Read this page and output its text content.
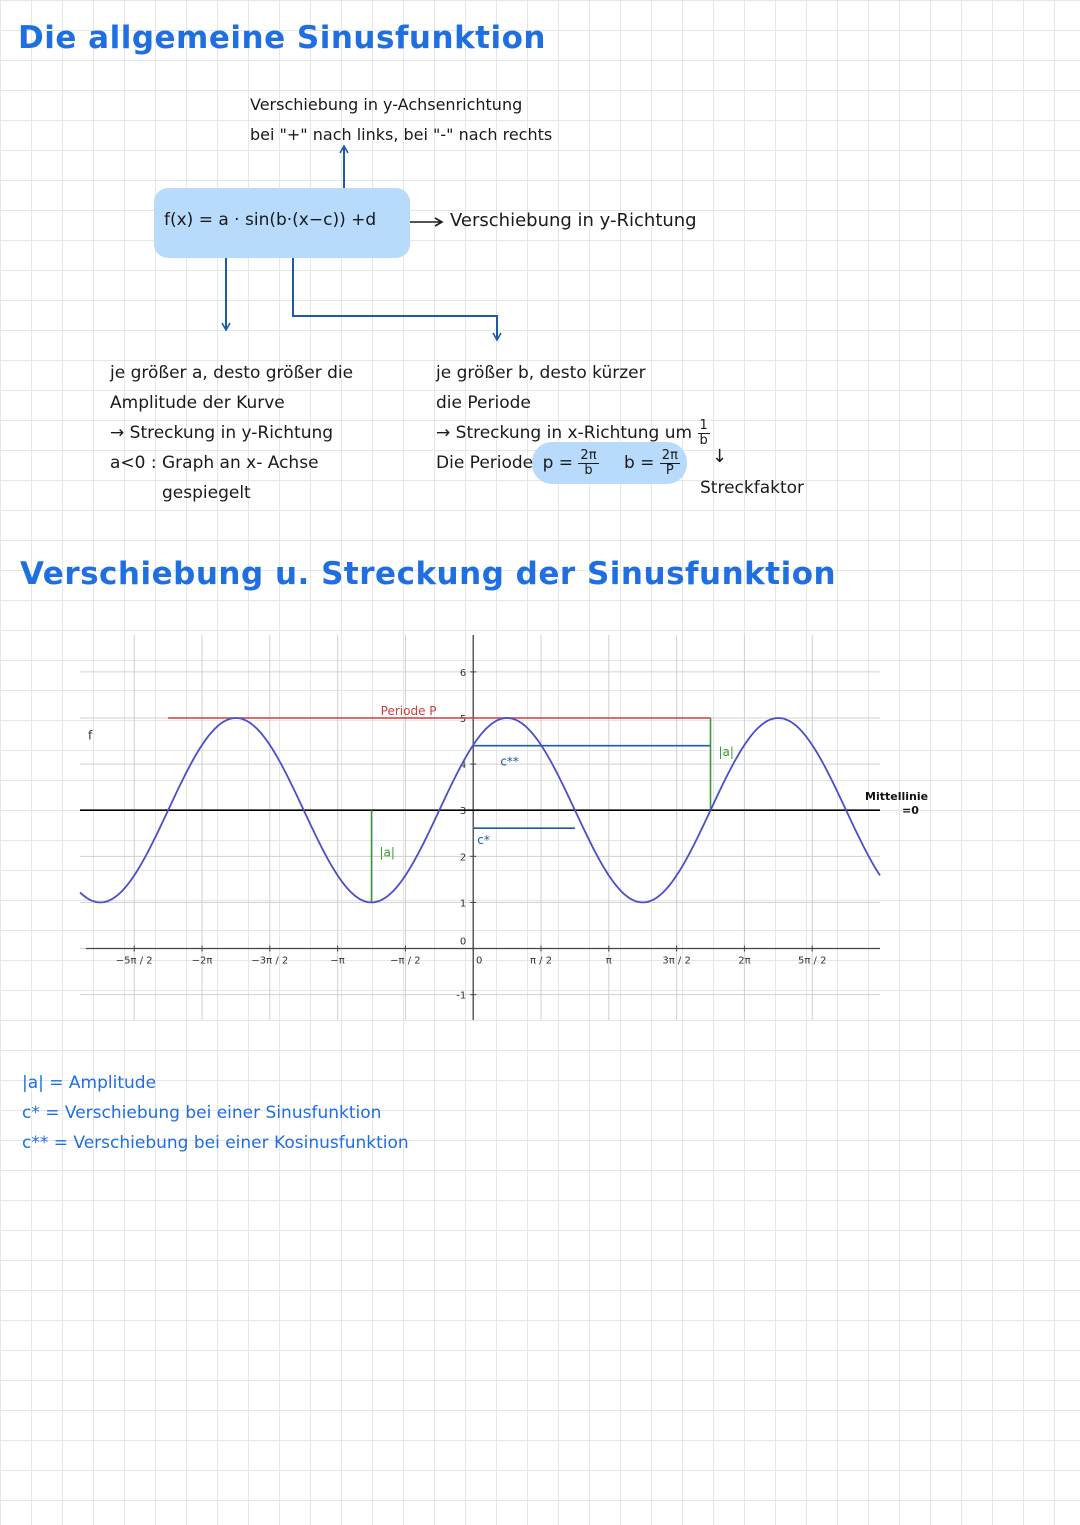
Die allgemeine Sinusfunktion
Verschiebung in y-Achsenrichtung
bei "+" nach links, bei "-" nach rechts
f(x) = a · sin(b·(x−c)) +d	Verschiebung in y-Richtung
je größer a, desto größer die
Amplitude der Kurve
→ Streckung in y-Richtung
a<0 : Graph an x- Achse
gespiegelt
je größer b, desto kürzer
die Periode
→ Streckung in x-Richtung um $\frac{1}{b}$
Die Periode $p = \frac{2\pi}{b}$ $b = \frac{2\pi}{P}$ ↓
Streckfaktor
Verschiebung u. Streckung der Sinusfunktion
−5π / 2	−2π	−3π / 2	−π	−π / 2	0	π / 2	π	3π / 2	2π	5π / 2
-1
1
2
3
4
5
6
0
Periode P
c**
c*
|a|
|a|
f
Mittellinie
=0
|a| = Amplitude
c* = Verschiebung bei einer Sinusfunktion
c** = Verschiebung bei einer Kosinusfunktion
